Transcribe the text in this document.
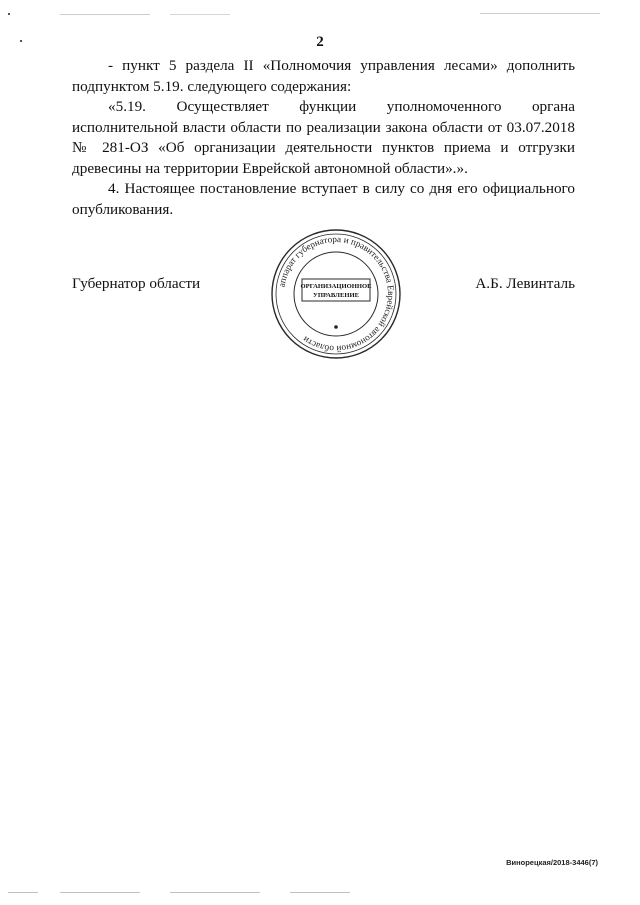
2

- пункт 5 раздела II «Полномочия управления лесами» дополнить подпунктом 5.19. следующего содержания:

«5.19. Осуществляет функции уполномоченного органа исполнительной власти области по реализации закона области от 03.07.2018 № 281-ОЗ «Об организации деятельности пунктов приема и отгрузки древесины на территории Еврейской автономной области».».

4. Настоящее постановление вступает в силу со дня его официального опубликования.

Губернатор области	А.Б. Левинталь
аппарат губернатора и правительства Еврейской автономной области
ОРГАНИЗАЦИОННОЕ
УПРАВЛЕНИЕ
Винорецкая/2018-3446(7)
